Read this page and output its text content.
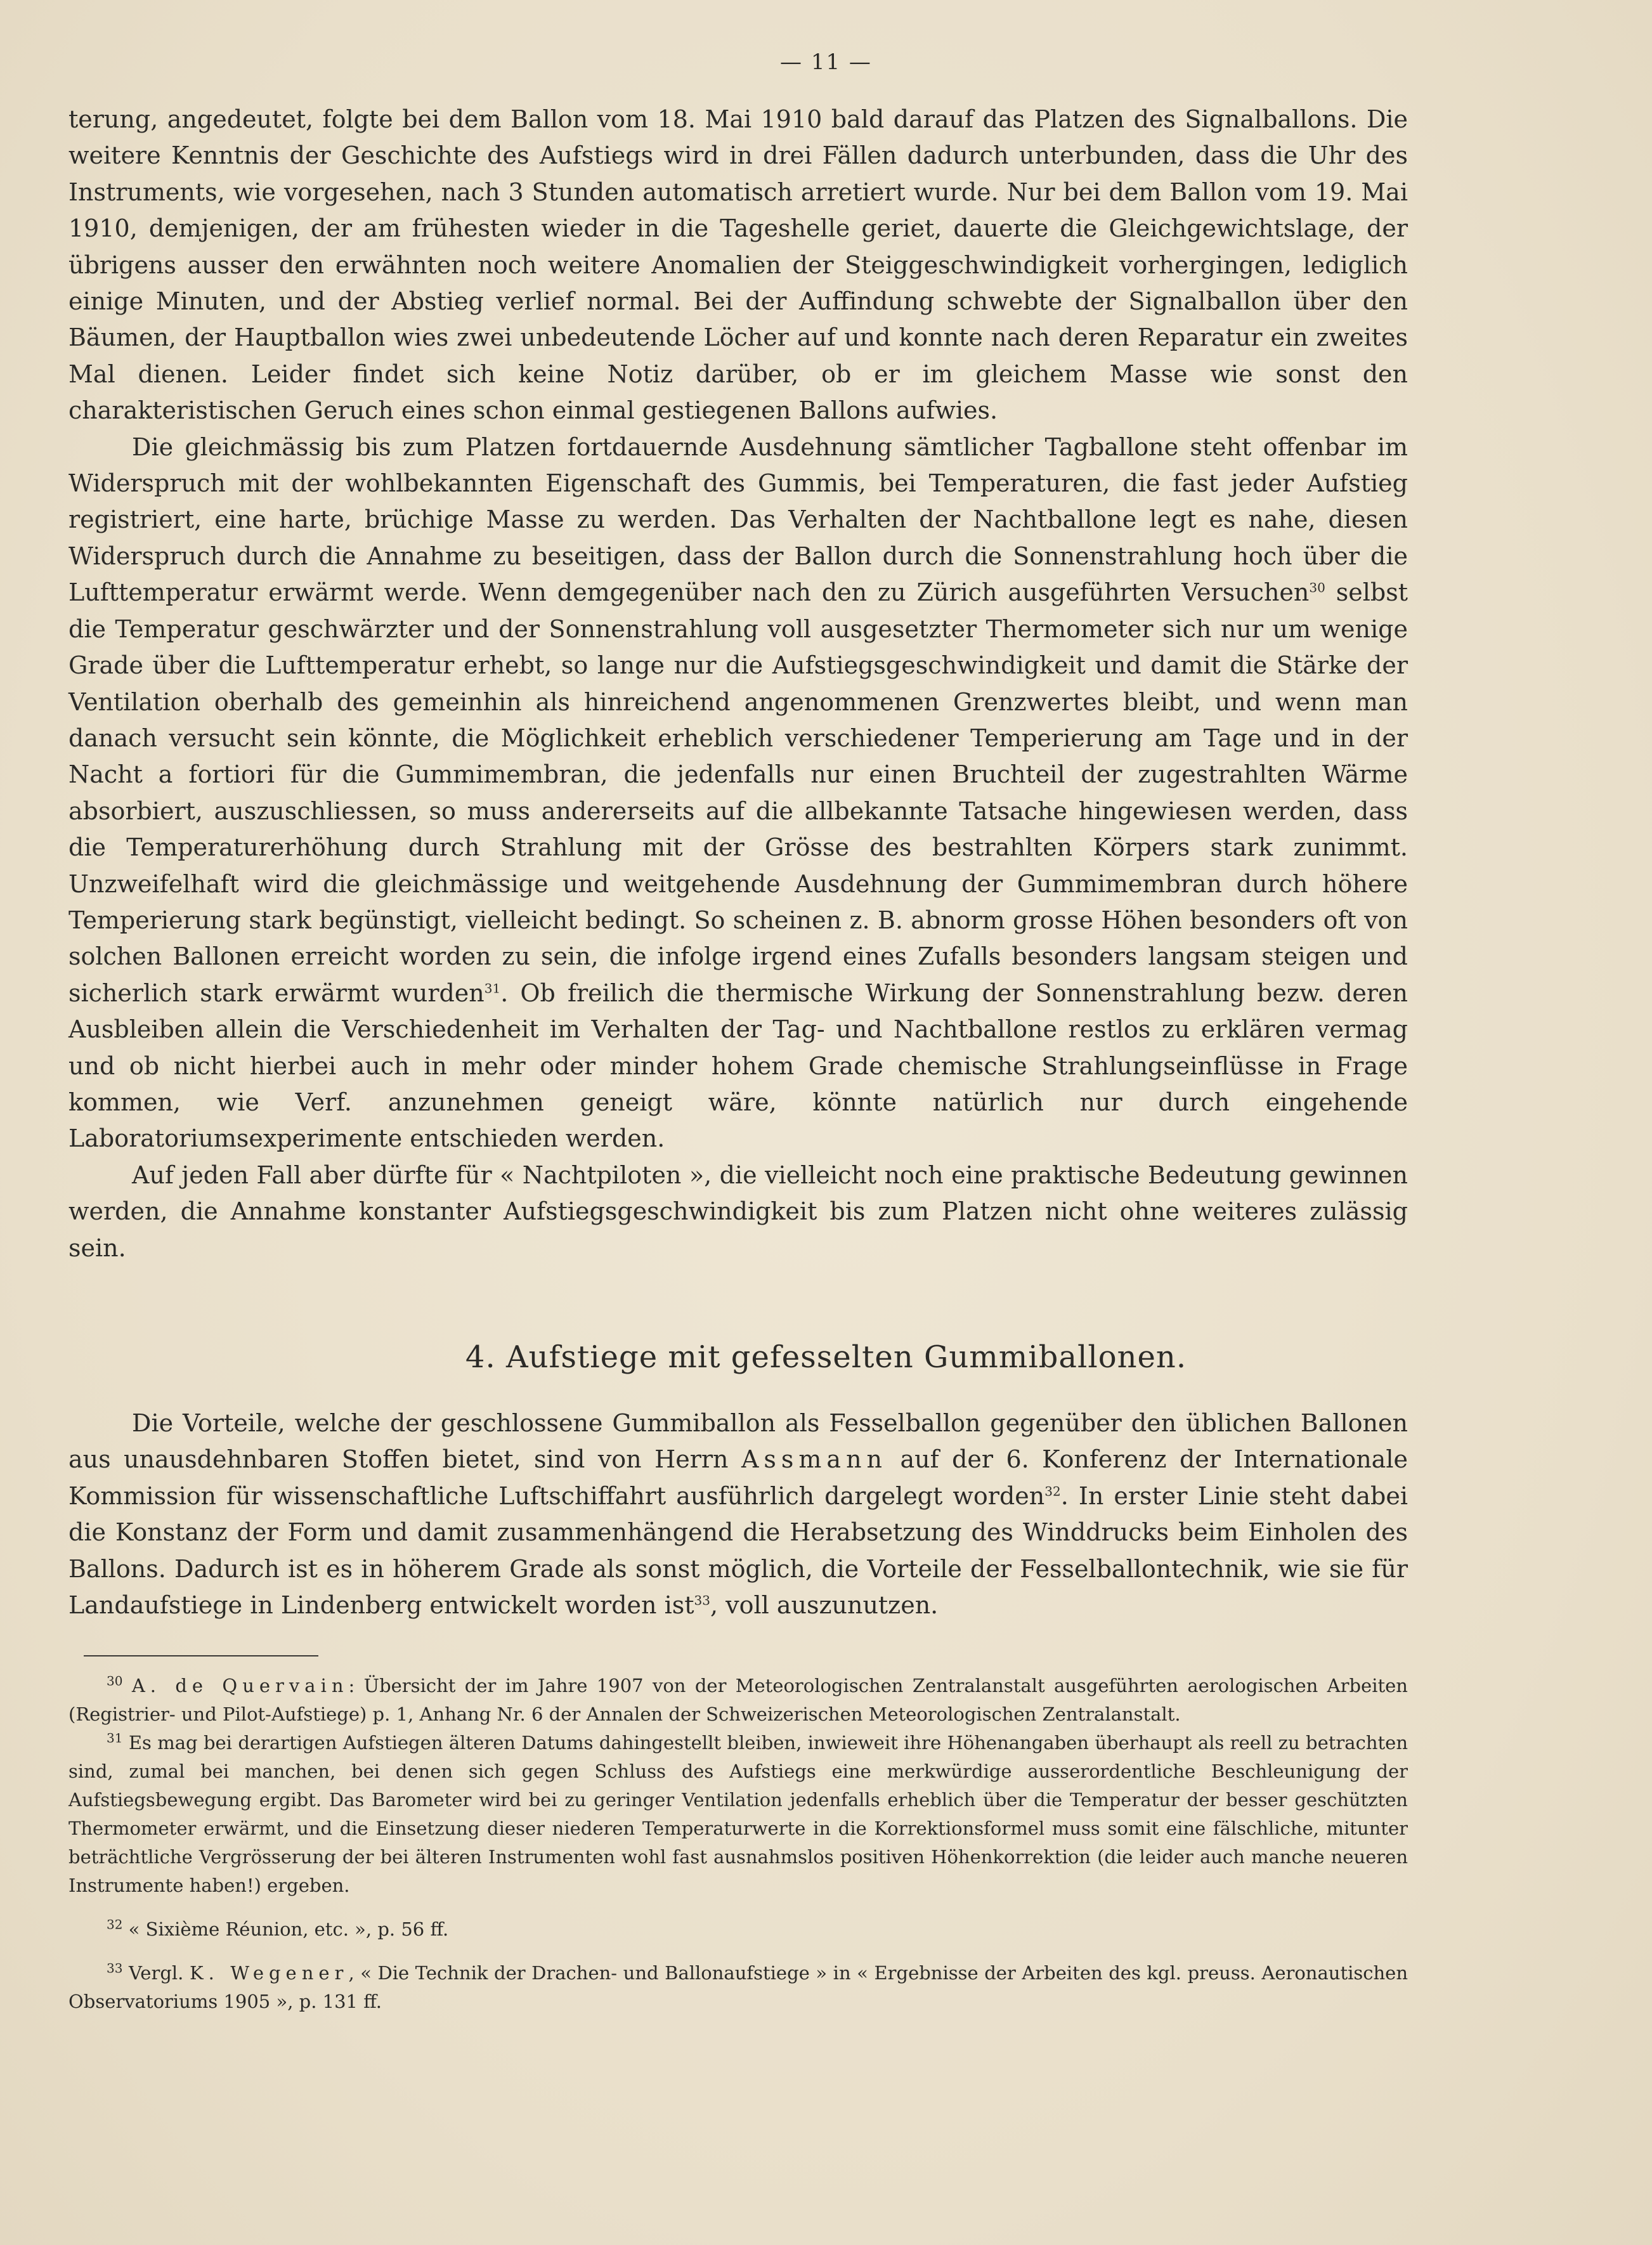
— 11 —

terung, angedeutet, folgte bei dem Ballon vom 18. Mai 1910 bald darauf das Platzen des Signalballons. Die weitere Kenntnis der Geschichte des Aufstiegs wird in drei Fällen dadurch unterbunden, dass die Uhr des Instruments, wie vorgesehen, nach 3 Stunden automatisch arretiert wurde. Nur bei dem Ballon vom 19. Mai 1910, demjenigen, der am frühesten wieder in die Tageshelle geriet, dauerte die Gleichgewichtslage, der übrigens ausser den erwähnten noch weitere Anomalien der Steiggeschwindigkeit vorhergingen, lediglich einige Minuten, und der Abstieg verlief normal. Bei der Auffindung schwebte der Signalballon über den Bäumen, der Hauptballon wies zwei unbedeutende Löcher auf und konnte nach deren Reparatur ein zweites Mal dienen. Leider findet sich keine Notiz darüber, ob er im gleichem Masse wie sonst den charakteristischen Geruch eines schon einmal gestiegenen Ballons aufwies.

Die gleichmässig bis zum Platzen fortdauernde Ausdehnung sämtlicher Tagballone steht offenbar im Widerspruch mit der wohlbekannten Eigenschaft des Gummis, bei Temperaturen, die fast jeder Aufstieg registriert, eine harte, brüchige Masse zu werden. Das Verhalten der Nachtballone legt es nahe, diesen Widerspruch durch die Annahme zu beseitigen, dass der Ballon durch die Sonnenstrahlung hoch über die Lufttemperatur erwärmt werde. Wenn demgegenüber nach den zu Zürich ausgeführten Versuchen$^{30}$ selbst die Temperatur geschwärzter und der Sonnenstrahlung voll ausgesetzter Thermometer sich nur um wenige Grade über die Lufttemperatur erhebt, so lange nur die Aufstiegsgeschwindigkeit und damit die Stärke der Ventilation oberhalb des gemeinhin als hinreichend angenommenen Grenzwertes bleibt, und wenn man danach versucht sein könnte, die Möglichkeit erheblich verschiedener Temperierung am Tage und in der Nacht a fortiori für die Gummimembran, die jedenfalls nur einen Bruchteil der zugestrahlten Wärme absorbiert, auszuschliessen, so muss andererseits auf die allbekannte Tatsache hingewiesen werden, dass die Temperaturerhöhung durch Strahlung mit der Grösse des bestrahlten Körpers stark zunimmt. Unzweifelhaft wird die gleichmässige und weitgehende Ausdehnung der Gummimembran durch höhere Temperierung stark begünstigt, vielleicht bedingt. So scheinen z. B. abnorm grosse Höhen besonders oft von solchen Ballonen erreicht worden zu sein, die infolge irgend eines Zufalls besonders langsam steigen und sicherlich stark erwärmt wurden$^{31}$. Ob freilich die thermische Wirkung der Sonnenstrahlung bezw. deren Ausbleiben allein die Verschiedenheit im Verhalten der Tag- und Nachtballone restlos zu erklären vermag und ob nicht hierbei auch in mehr oder minder hohem Grade chemische Strahlungseinflüsse in Frage kommen, wie Verf. anzunehmen geneigt wäre, könnte natürlich nur durch eingehende Laboratoriumsexperimente entschieden werden.

Auf jeden Fall aber dürfte für « Nachtpiloten », die vielleicht noch eine praktische Bedeutung gewinnen werden, die Annahme konstanter Aufstiegsgeschwindigkeit bis zum Platzen nicht ohne weiteres zulässig sein.

4. Aufstiege mit gefesselten Gummiballonen.

Die Vorteile, welche der geschlossene Gummiballon als Fesselballon gegenüber den üblichen Ballonen aus unausdehnbaren Stoffen bietet, sind von Herrn Assmann auf der 6. Konferenz der Internationale Kommission für wissenschaftliche Luftschiffahrt ausführlich dargelegt worden$^{32}$. In erster Linie steht dabei die Konstanz der Form und damit zusammenhängend die Herabsetzung des Winddrucks beim Einholen des Ballons. Dadurch ist es in höherem Grade als sonst möglich, die Vorteile der Fesselballontechnik, wie sie für Landaufstiege in Lindenberg entwickelt worden ist$^{33}$, voll auszunutzen.

$^{30}$ A. de Quervain: Übersicht der im Jahre 1907 von der Meteorologischen Zentralanstalt ausgeführten aerologischen Arbeiten (Registrier- und Pilot-Aufstiege) p. 1, Anhang Nr. 6 der Annalen der Schweizerischen Meteorologischen Zentralanstalt.

$^{31}$ Es mag bei derartigen Aufstiegen älteren Datums dahingestellt bleiben, inwieweit ihre Höhenangaben überhaupt als reell zu betrachten sind, zumal bei manchen, bei denen sich gegen Schluss des Aufstiegs eine merkwürdige ausserordentliche Beschleunigung der Aufstiegsbewegung ergibt. Das Barometer wird bei zu geringer Ventilation jedenfalls erheblich über die Temperatur der besser geschützten Thermometer erwärmt, und die Einsetzung dieser niederen Temperaturwerte in die Korrektionsformel muss somit eine fälschliche, mitunter beträchtliche Vergrösserung der bei älteren Instrumenten wohl fast ausnahmslos positiven Höhenkorrektion (die leider auch manche neueren Instrumente haben!) ergeben.

$^{32}$ « Sixième Réunion, etc. », p. 56 ff.

$^{33}$ Vergl. K. Wegener, « Die Technik der Drachen- und Ballonaufstiege » in « Ergebnisse der Arbeiten des kgl. preuss. Aeronautischen Observatoriums 1905 », p. 131 ff.
